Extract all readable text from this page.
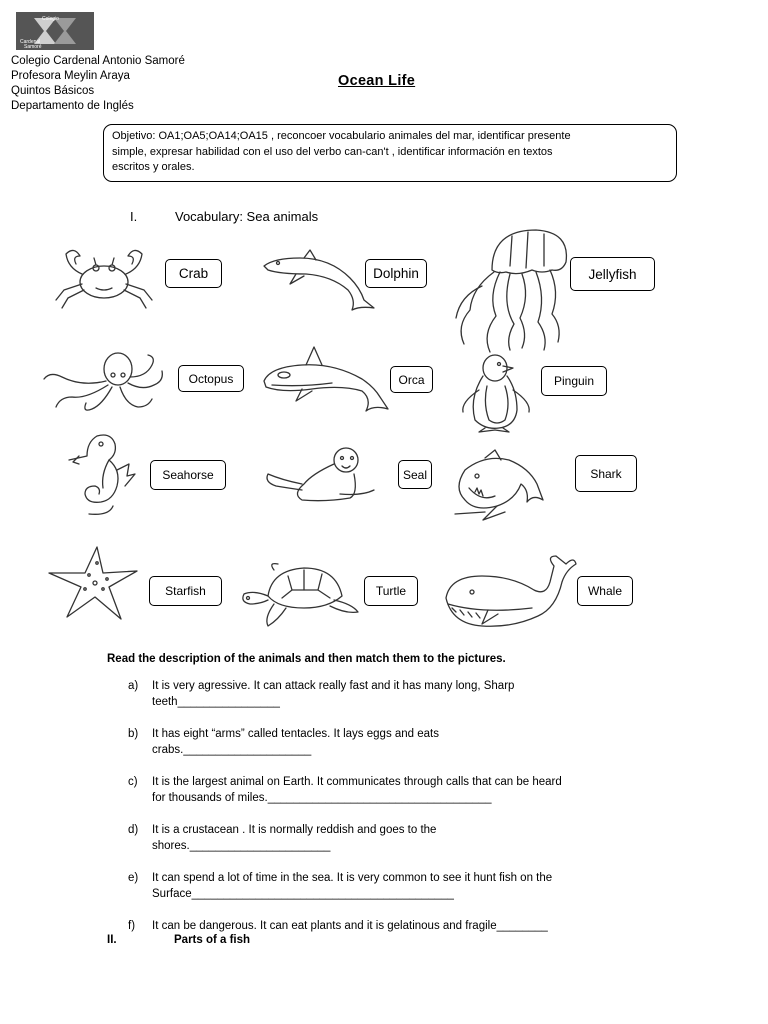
Colegio
Cardenal
Samoré
Colegio Cardenal Antonio Samoré
Profesora Meylin Araya
Quintos Básicos
Departamento de Inglés
Ocean Life
Objetivo: OA1;OA5;OA14;OA15 , reconcoer vocabulario animales del mar, identificar presente
simple, expresar habilidad con el uso del verbo can-can't , identificar información en textos
escritos y orales.
I.	Vocabulary: Sea animals
Crab	Dolphin	Jellyfish
Octopus	Orca	Pinguin
Seahorse	Seal	Shark
Starfish	Turtle	Whale
Read the description of the animals and then match them to the pictures.
a) It is very agressive. It can attack really fast and it has many long, Sharp
teeth________________
b) It has eight “arms” called tentacles. It lays eggs and eats
crabs.____________________
c) It is the largest animal on Earth. It communicates through calls that can be heard
for thousands of miles.___________________________________
d) It is a crustacean . It is normally reddish and goes to the
shores.______________________
e) It can spend a lot of time in the sea. It is very common to see it hunt fish on the
Surface_________________________________________
f) It can be dangerous. It can eat plants and it is gelatinous and fragile________
II.	Parts of a fish
